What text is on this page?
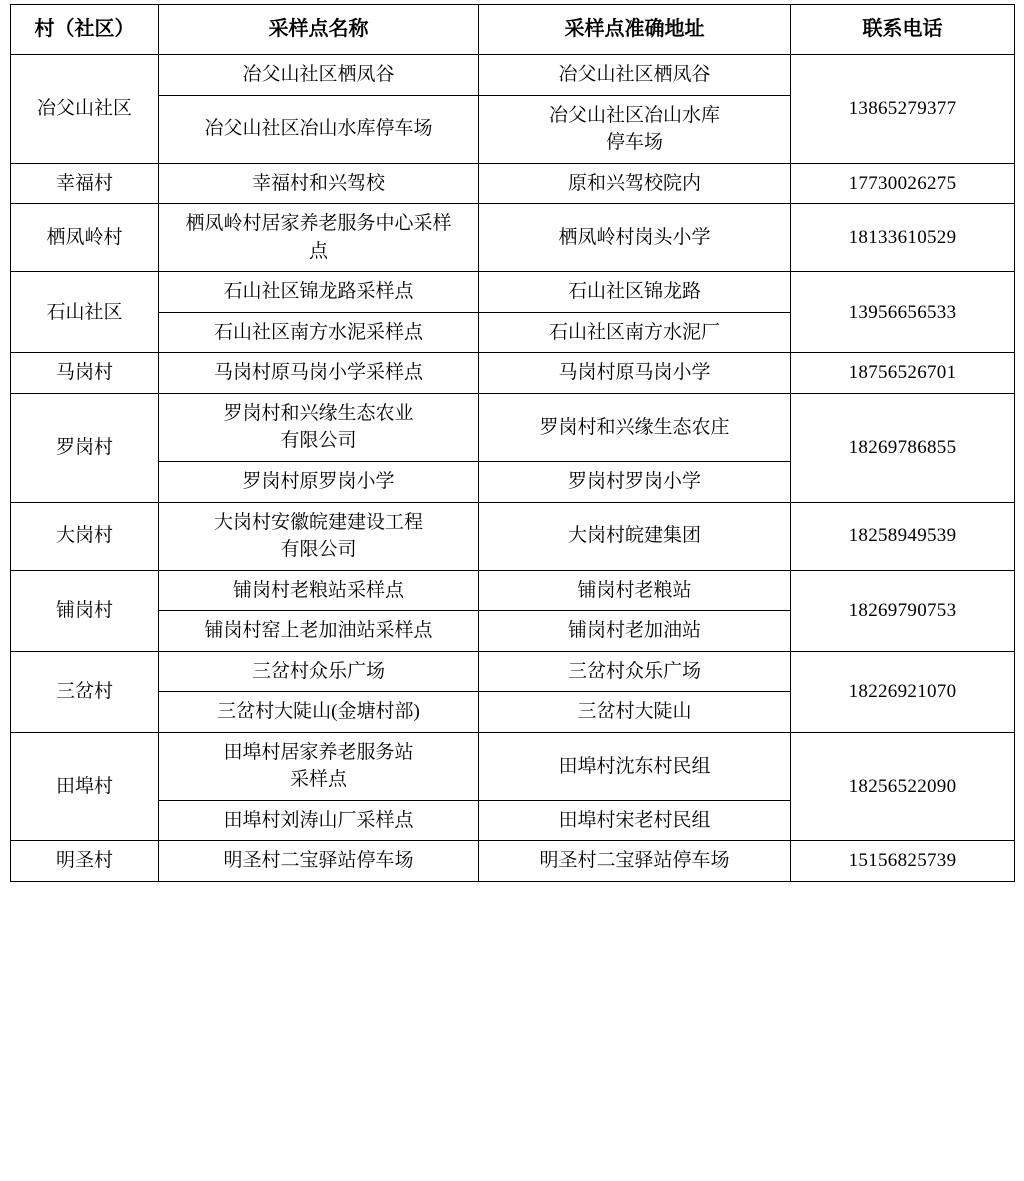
村（社区）	采样点名称	采样点准确地址	联系电话
冶父山社区	冶父山社区栖凤谷	冶父山社区栖凤谷	13865279377
	冶父山社区冶山水库停车场	冶父山社区冶山水库
停车场	
幸福村	幸福村和兴驾校	原和兴驾校院内	17730026275
栖凤岭村	栖凤岭村居家养老服务中心采样
点	栖凤岭村岗头小学	18133610529
石山社区	石山社区锦龙路采样点	石山社区锦龙路	13956656533
	石山社区南方水泥采样点	石山社区南方水泥厂	
马岗村	马岗村原马岗小学采样点	马岗村原马岗小学	18756526701
罗岗村	罗岗村和兴缘生态农业
有限公司	罗岗村和兴缘生态农庄	18269786855
	罗岗村原罗岗小学	罗岗村罗岗小学	
大岗村	大岗村安徽皖建建设工程
有限公司	大岗村皖建集团	18258949539
铺岗村	铺岗村老粮站采样点	铺岗村老粮站	18269790753
	铺岗村窑上老加油站采样点	铺岗村老加油站	
三岔村	三岔村众乐广场	三岔村众乐广场	18226921070
	三岔村大陡山(金塘村部)	三岔村大陡山	
田埠村	田埠村居家养老服务站
采样点	田埠村沈东村民组	18256522090
	田埠村刘涛山厂采样点	田埠村宋老村民组	
明圣村	明圣村二宝驿站停车场	明圣村二宝驿站停车场	15156825739
